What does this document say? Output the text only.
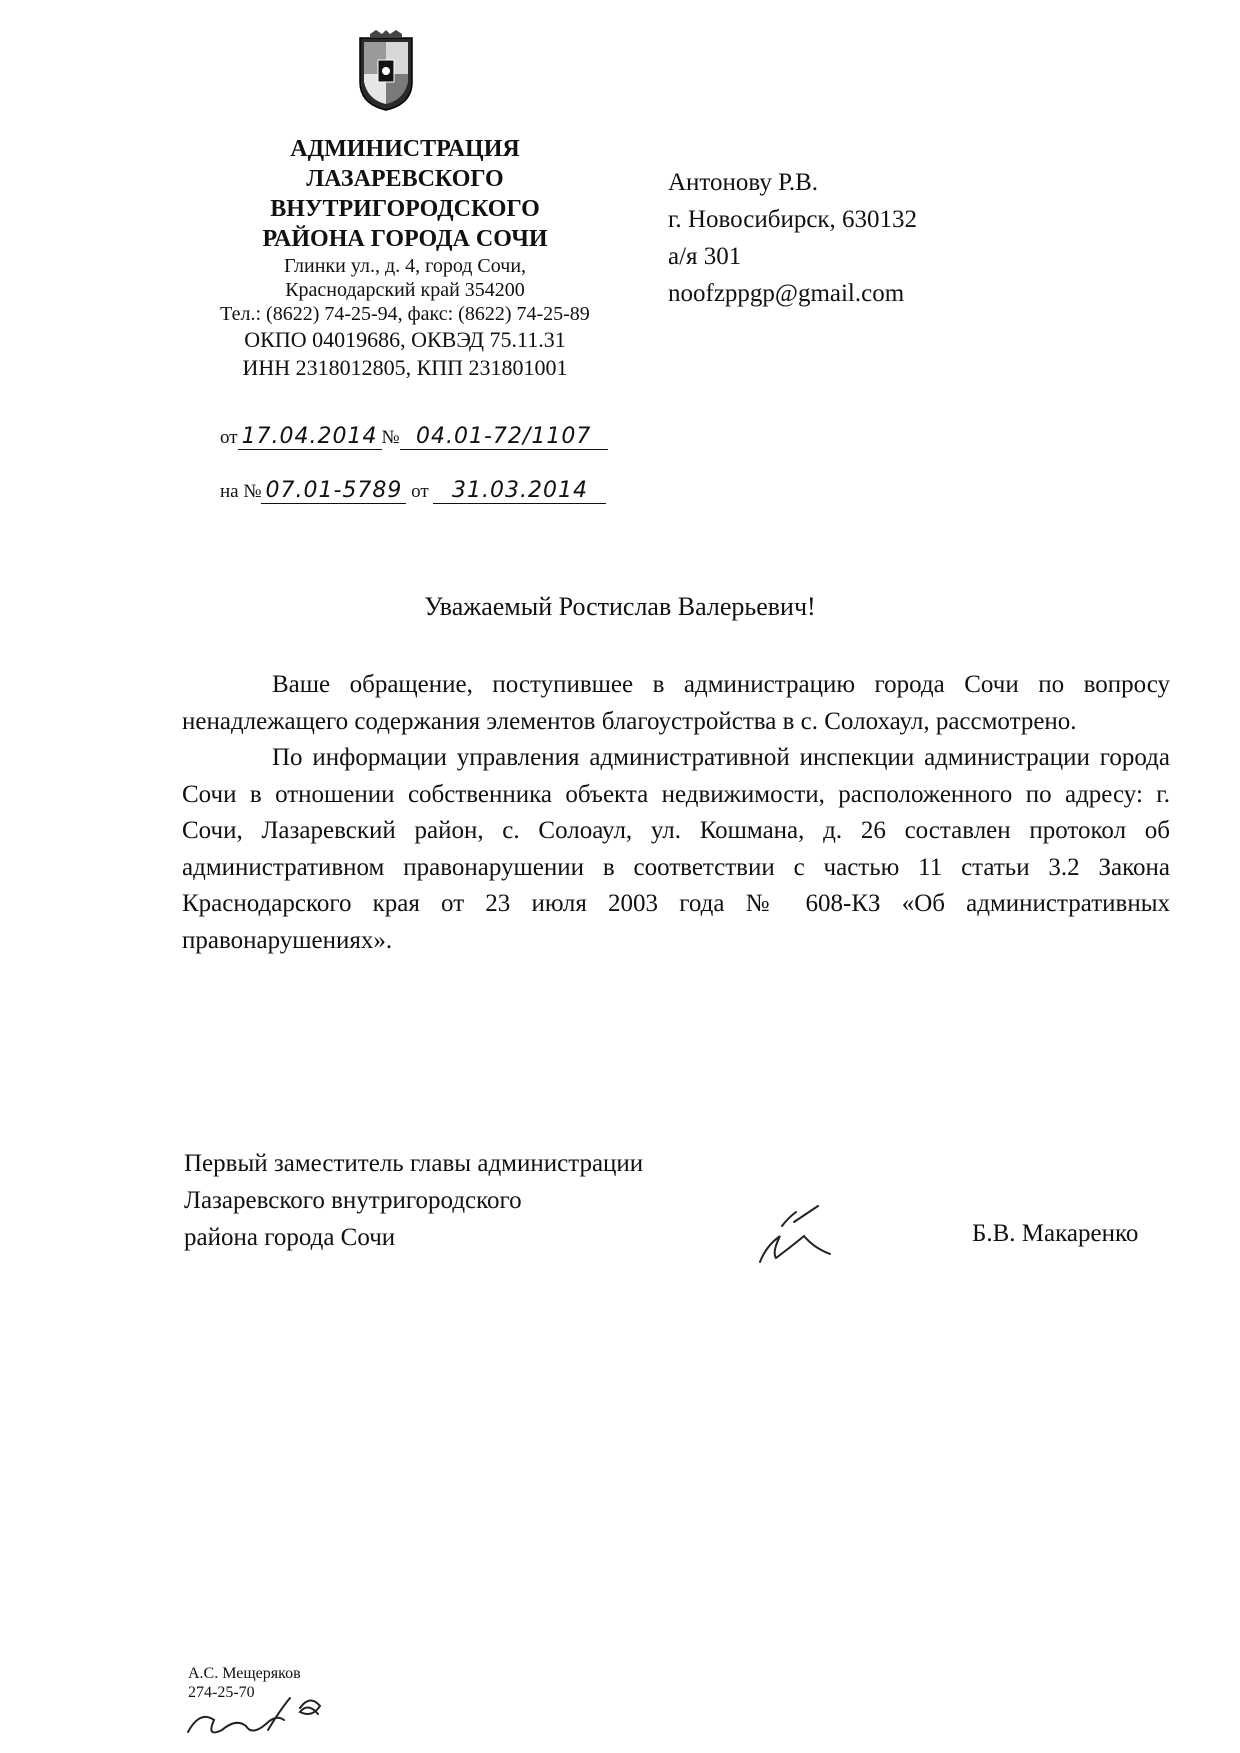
АДМИНИСТРАЦИЯ
ЛАЗАРЕВСКОГО
ВНУТРИГОРОДСКОГО
РАЙОНА ГОРОДА СОЧИ
Глинки ул., д. 4, город Сочи,
Краснодарский край 354200
Тел.: (8622) 74-25-94, факс: (8622) 74-25-89
ОКПО 04019686, ОКВЭД 75.11.31
ИНН 2318012805, КПП 231801001
Антонову Р.В.
г. Новосибирск, 630132
а/я 301
noofzppgp@gmail.com
от 17.04.2014 № 04.01-72/1107
на № 07.01-5789 от 31.03.2014
Уважаемый Ростислав Валерьевич!

Ваше обращение, поступившее в администрацию города Сочи по вопросу ненадлежащего содержания элементов благоустройства в с. Солохаул, рассмотрено.

По информации управления административной инспекции администрации города Сочи в отношении собственника объекта недвижимости, расположенного по адресу: г. Сочи, Лазаревский район, с. Солоаул, ул. Кошмана, д. 26 составлен протокол об административном правонарушении в соответствии с частью 11 статьи 3.2 Закона Краснодарского края от 23 июля 2003 года № 608-КЗ «Об административных правонарушениях».

Первый заместитель главы администрации
Лазаревского внутригородского
района города Сочи	Б.В. Макаренко
А.С. Мещеряков
274-25-70
